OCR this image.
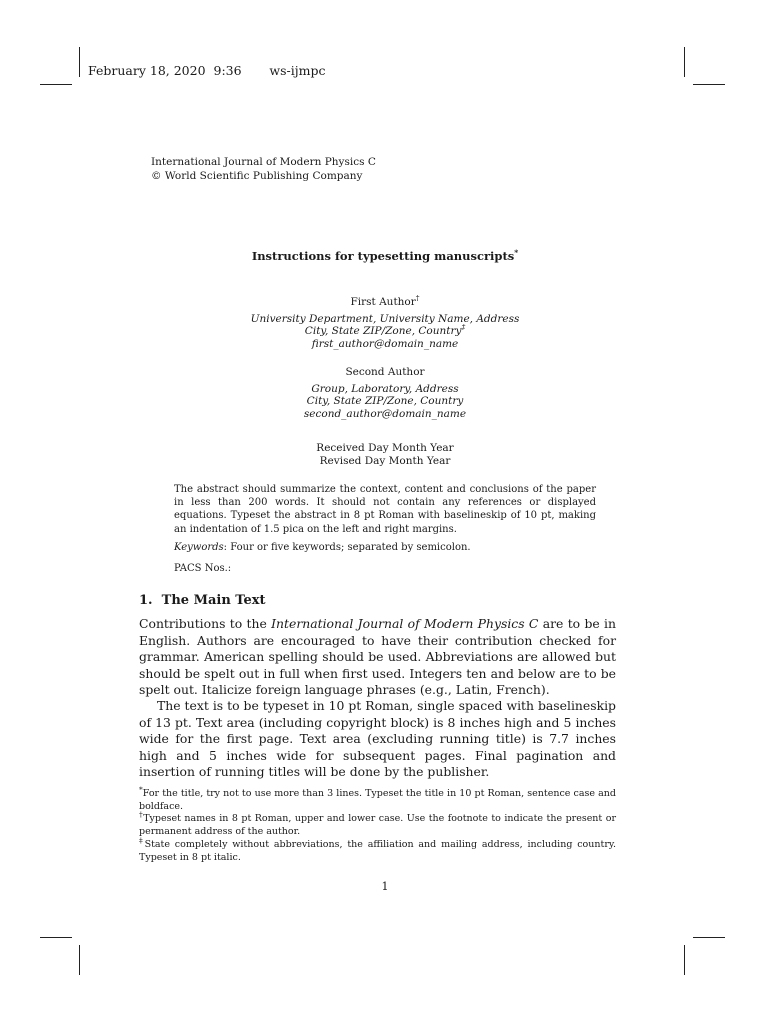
February 18, 2020 9:36 ws-ijmpc
International Journal of Modern Physics C
© World Scientific Publishing Company
Instructions for typesetting manuscripts*
First Author†
University Department, University Name, Address
City, State ZIP/Zone, Country‡
first_author@domain_name
Second Author
Group, Laboratory, Address
City, State ZIP/Zone, Country
second_author@domain_name
Received Day Month Year
Revised Day Month Year
The abstract should summarize the context, content and conclusions of the paper in less than 200 words. It should not contain any references or displayed equations. Typeset the abstract in 8 pt Roman with baselineskip of 10 pt, making an indentation of 1.5 pica on the left and right margins.
Keywords: Four or five keywords; separated by semicolon.
PACS Nos.:
1. The Main Text

Contributions to the International Journal of Modern Physics C are to be in English. Authors are encouraged to have their contribution checked for grammar. American spelling should be used. Abbreviations are allowed but should be spelt out in full when first used. Integers ten and below are to be spelt out. Italicize foreign language phrases (e.g., Latin, French).

The text is to be typeset in 10 pt Roman, single spaced with baselineskip of 13 pt. Text area (including copyright block) is 8 inches high and 5 inches wide for the first page. Text area (excluding running title) is 7.7 inches high and 5 inches wide for subsequent pages. Final pagination and insertion of running titles will be done by the publisher.

*For the title, try not to use more than 3 lines. Typeset the title in 10 pt Roman, sentence case and boldface.

†Typeset names in 8 pt Roman, upper and lower case. Use the footnote to indicate the present or permanent address of the author.

‡State completely without abbreviations, the affiliation and mailing address, including country. Typeset in 8 pt italic.

1
